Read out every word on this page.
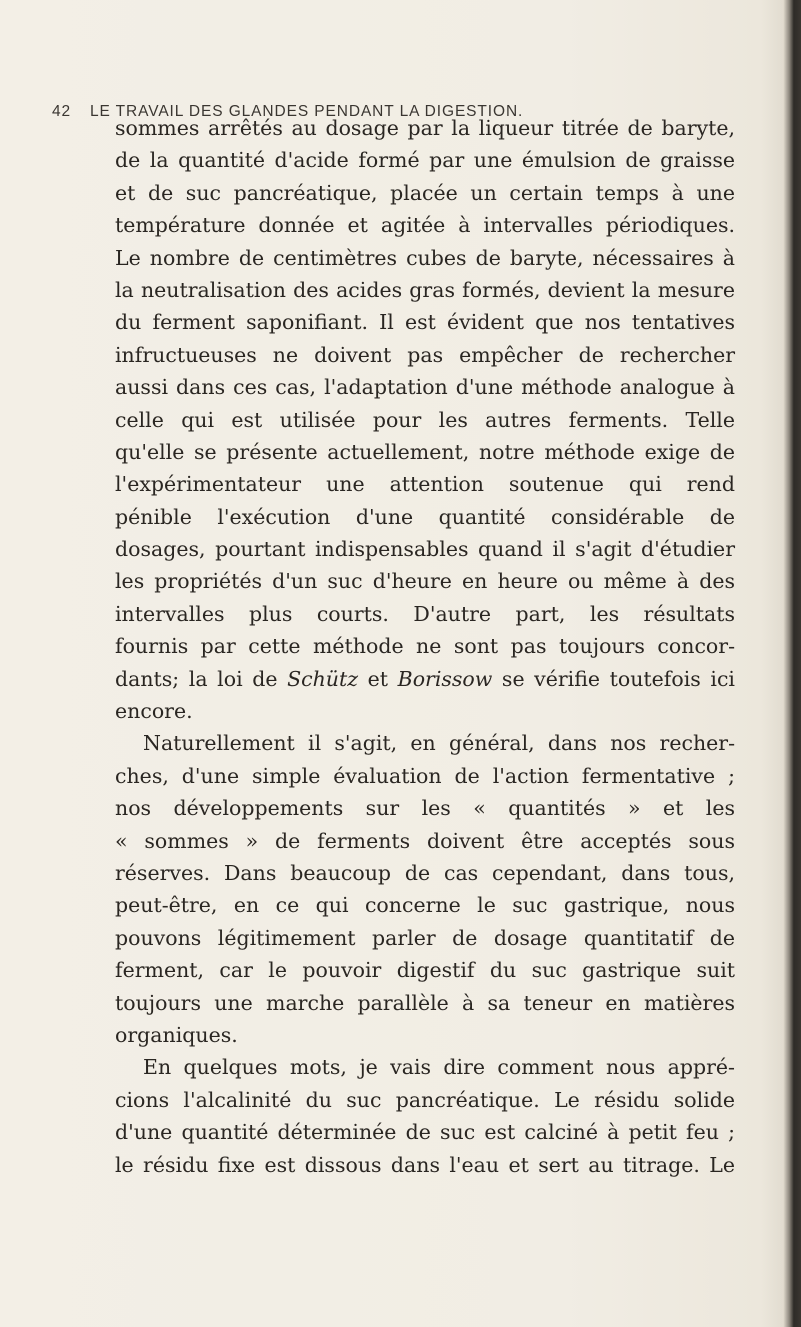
42 LE TRAVAIL DES GLANDES PENDANT LA DIGESTION.
sommes arrêtés au dosage par la liqueur titrée de baryte,
de la quantité d'acide formé par une émulsion de graisse
et de suc pancréatique, placée un certain temps à une
température donnée et agitée à intervalles périodiques.
Le nombre de centimètres cubes de baryte, nécessaires à
la neutralisation des acides gras formés, devient la mesure
du ferment saponifiant. Il est évident que nos tentatives
infructueuses ne doivent pas empêcher de rechercher
aussi dans ces cas, l'adaptation d'une méthode analogue à
celle qui est utilisée pour les autres ferments. Telle
qu'elle se présente actuellement, notre méthode exige de
l'expérimentateur une attention soutenue qui rend
pénible l'exécution d'une quantité considérable de
dosages, pourtant indispensables quand il s'agit d'étudier
les propriétés d'un suc d'heure en heure ou même à des
intervalles plus courts. D'autre part, les résultats
fournis par cette méthode ne sont pas toujours concor-
dants; la loi de Schütz et Borissow se vérifie toutefois ici
encore.
Naturellement il s'agit, en général, dans nos recher-
ches, d'une simple évaluation de l'action fermentative ;
nos développements sur les « quantités » et les
« sommes » de ferments doivent être acceptés sous
réserves. Dans beaucoup de cas cependant, dans tous,
peut-être, en ce qui concerne le suc gastrique, nous
pouvons légitimement parler de dosage quantitatif de
ferment, car le pouvoir digestif du suc gastrique suit
toujours une marche parallèle à sa teneur en matières
organiques.
En quelques mots, je vais dire comment nous appré-
cions l'alcalinité du suc pancréatique. Le résidu solide
d'une quantité déterminée de suc est calciné à petit feu ;
le résidu fixe est dissous dans l'eau et sert au titrage. Le
